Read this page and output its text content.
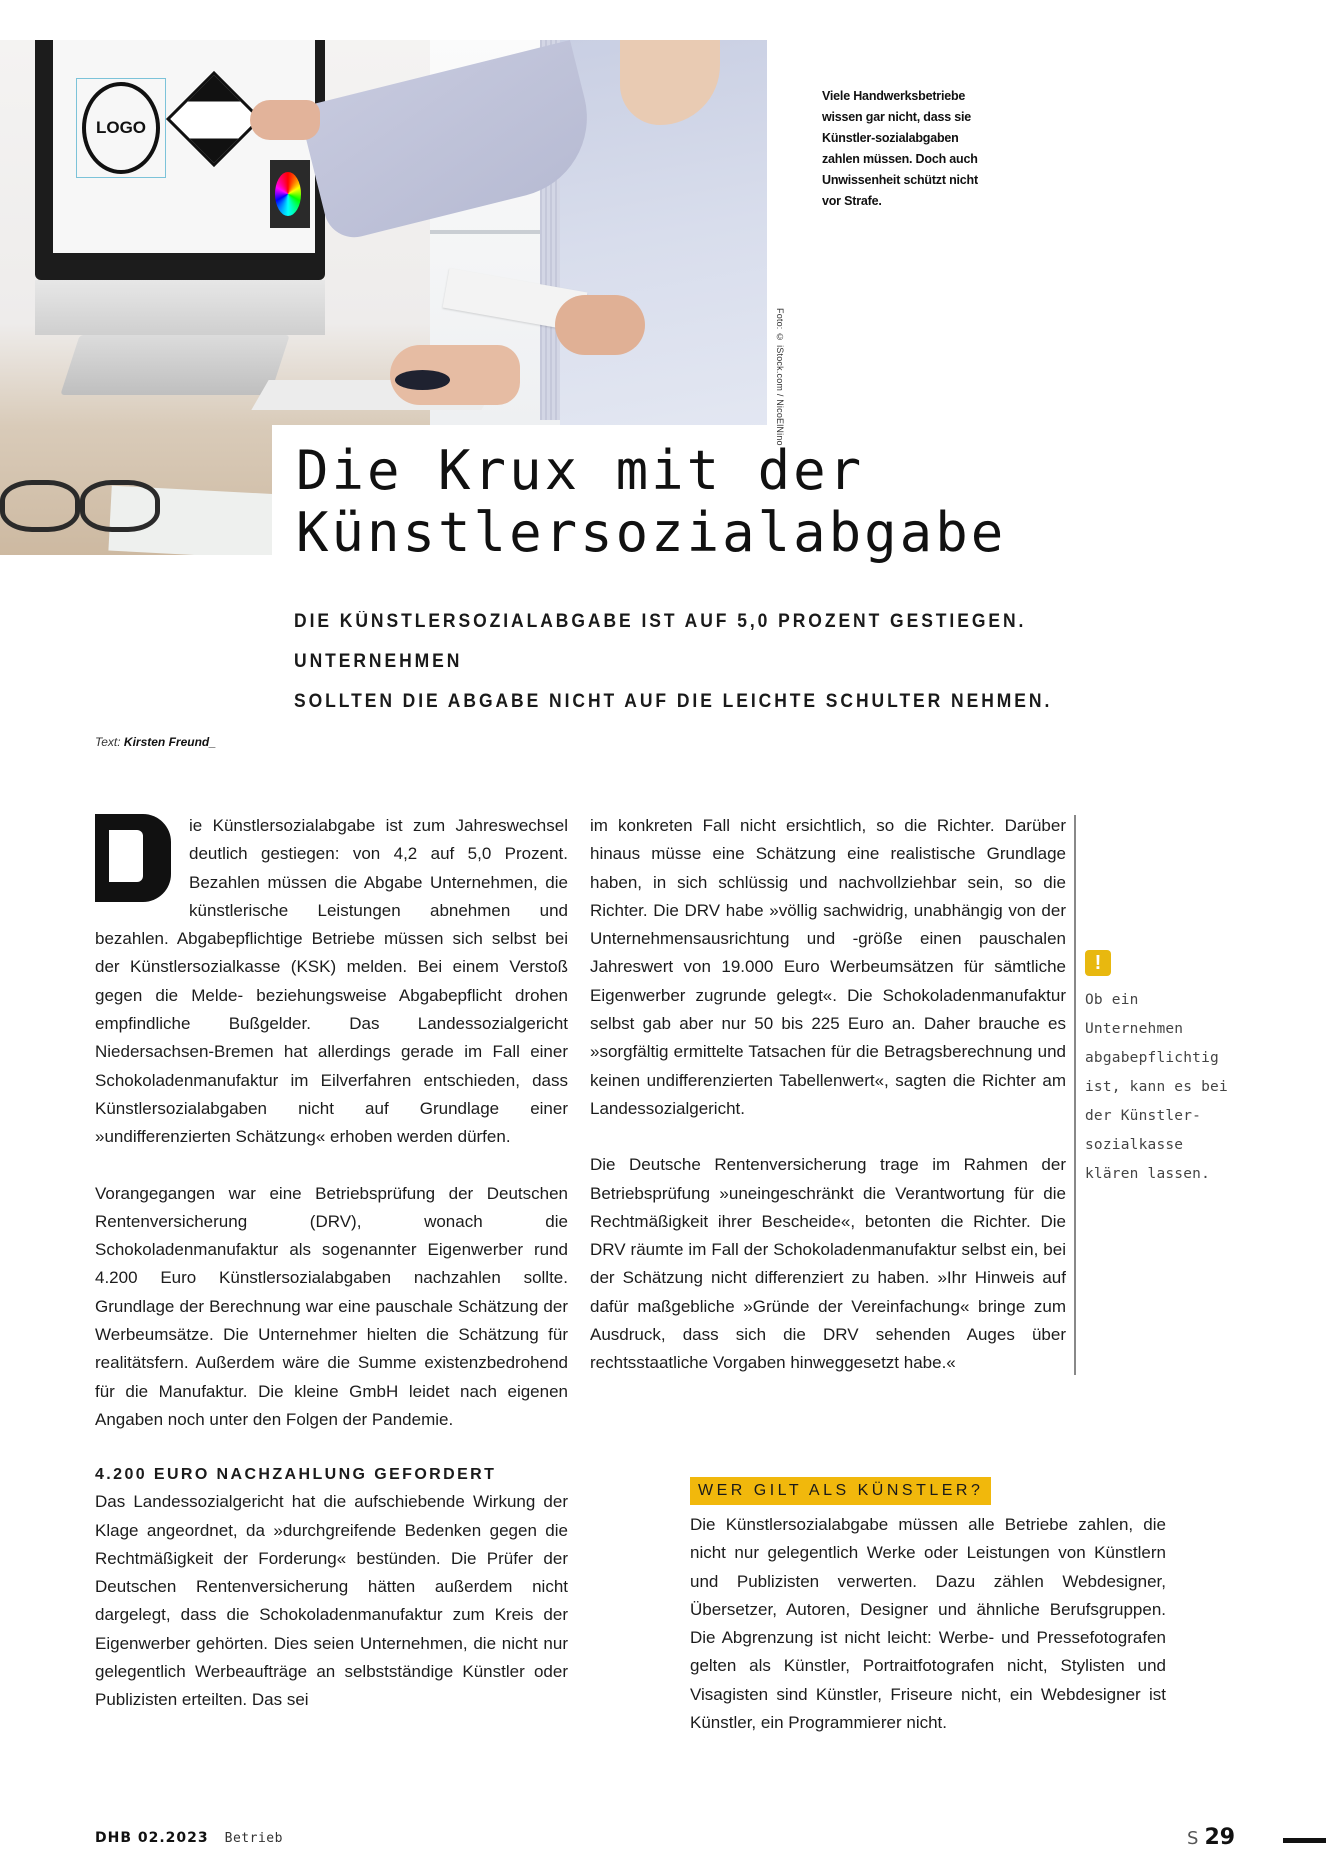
LOGO
Foto: © iStock.com / NicoElNino
Viele Handwerksbetriebe wissen gar nicht, dass sie Künstler-sozialabgaben zahlen müssen. Doch auch Unwissenheit schützt nicht vor Strafe.
Die Krux mit der
Künstlersozialabgabe
DIE KÜNSTLERSOZIALABGABE IST AUF 5,0 PROZENT GESTIEGEN. UNTERNEHMEN
SOLLTEN DIE ABGABE NICHT AUF DIE LEICHTE SCHULTER NEHMEN.
Text: Kirsten Freund_

ie Künstlersozialabgabe ist zum Jahreswechsel deutlich gestiegen: von 4,2 auf 5,0 Prozent. Bezahlen müssen die Abgabe Unternehmen, die künstlerische Leistungen abnehmen und bezahlen. Abgabepflichtige Betriebe müssen sich selbst bei der Künstlersozialkasse (KSK) melden. Bei einem Verstoß gegen die Melde- beziehungsweise Abgabepflicht drohen empfindliche Bußgelder. Das Landessozialgericht Niedersachsen-Bremen hat allerdings gerade im Fall einer Schokoladenmanufaktur im Eilverfahren entschieden, dass Künstlersozialabgaben nicht auf Grundlage einer »undifferenzierten Schätzung« erhoben werden dürfen.

Vorangegangen war eine Betriebsprüfung der Deutschen Rentenversicherung (DRV), wonach die Schokoladenmanufaktur als sogenannter Eigenwerber rund 4.200 Euro Künstlersozialabgaben nachzahlen sollte. Grundlage der Berechnung war eine pauschale Schätzung der Werbeumsätze. Die Unternehmer hielten die Schätzung für realitätsfern. Außerdem wäre die Summe existenzbedrohend für die Manufaktur. Die kleine GmbH leidet nach eigenen Angaben noch unter den Folgen der Pandemie.

4.200 EURO NACHZAHLUNG GEFORDERT

Das Landessozialgericht hat die aufschiebende Wirkung der Klage angeordnet, da »durchgreifende Bedenken gegen die Rechtmäßigkeit der Forderung« bestünden. Die Prüfer der Deutschen Rentenversicherung hätten außerdem nicht dargelegt, dass die Schokoladenmanufaktur zum Kreis der Eigenwerber gehörten. Dies seien Unternehmen, die nicht nur gelegentlich Werbeaufträge an selbstständige Künstler oder Publizisten erteilten. Das sei

im konkreten Fall nicht ersichtlich, so die Richter. Darüber hinaus müsse eine Schätzung eine realistische Grundlage haben, in sich schlüssig und nachvollziehbar sein, so die Richter. Die DRV habe »völlig sachwidrig, unabhängig von der Unternehmensausrichtung und -größe einen pauschalen Jahreswert von 19.000 Euro Werbeumsätzen für sämtliche Eigenwerber zugrunde gelegt«. Die Schokoladenmanufaktur selbst gab aber nur 50 bis 225 Euro an. Daher brauche es »sorgfältig ermittelte Tatsachen für die Betragsberechnung und keinen undifferenzierten Tabellenwert«, sagten die Richter am Landessozialgericht.

Die Deutsche Rentenversicherung trage im Rahmen der Betriebsprüfung »uneingeschränkt die Verantwortung für die Rechtmäßigkeit ihrer Bescheide«, betonten die Richter. Die DRV räumte im Fall der Schokoladenmanufaktur selbst ein, bei der Schätzung nicht differenziert zu haben. »Ihr Hinweis auf dafür maßgebliche »Gründe der Vereinfachung« bringe zum Ausdruck, dass sich die DRV sehenden Auges über rechtsstaatliche Vorgaben hinweggesetzt habe.«

!
Ob ein Unternehmen abgabepflichtig ist, kann es bei der Künstler-sozialkasse klären lassen.
WER GILT ALS KÜNSTLER?

Die Künstlersozialabgabe müssen alle Betriebe zahlen, die nicht nur gelegentlich Werke oder Leistungen von Künstlern und Publizisten verwerten. Dazu zählen Webdesigner, Übersetzer, Autoren, Designer und ähnliche Berufsgruppen. Die Abgrenzung ist nicht leicht: Werbe- und Pressefotografen gelten als Künstler, Portraitfotografen nicht, Stylisten und Visagisten sind Künstler, Friseure nicht, ein Webdesigner ist Künstler, ein Programmierer nicht.

DHB 02.2023 Betrieb	S 29
